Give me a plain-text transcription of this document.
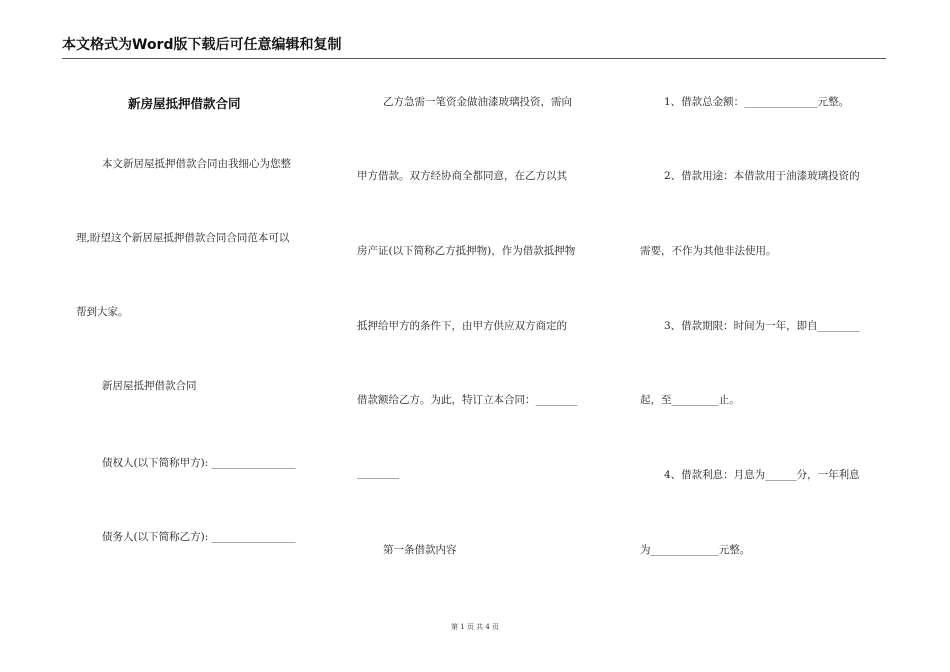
本文格式为Word版下载后可任意编辑和复制
新房屋抵押借款合同
本文新居屋抵押借款合同由我细心为您整
理,盼望这个新居屋抵押借款合同合同范本可以
帮到大家。
新居屋抵押借款合同
债权人(以下简称甲方): ________________
债务人(以下简称乙方): ________________
乙方急需一笔资金做油漆玻璃投资，需向
甲方借款。双方经协商全都同意，在乙方以其
房产证(以下简称乙方抵押物)，作为借款抵押物
抵押给甲方的条件下，由甲方供应双方商定的
借款额给乙方。为此，特订立本合同：________
________
第一条借款内容
1、借款总金额：______________元整。
2、借款用途：本借款用于油漆玻璃投资的
需要，不作为其他非法使用。
3、借款期限：时间为一年，即自________
起，至_________止。
4、借款利息：月息为______分，一年利息
为_____________元整。
第 1 页 共 4 页
